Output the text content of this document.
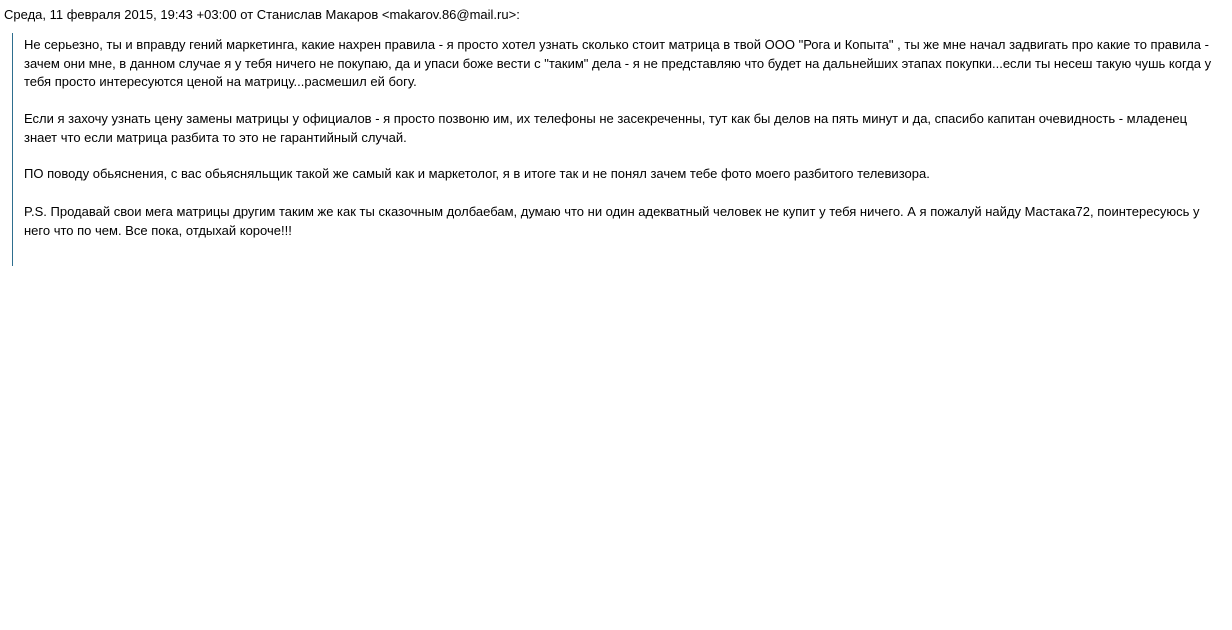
Среда, 11 февраля 2015, 19:43 +03:00 от Станислав Макаров <makarov.86@mail.ru>:

Не серьезно, ты и вправду гений маркетинга, какие нахрен правила - я просто хотел узнать сколько стоит матрица в твой ООО "Рога и Копыта" , ты же мне начал задвигать про какие то правила - зачем они мне, в данном случае я у тебя ничего не покупаю, да и упаси боже вести с "таким" дела - я не представляю что будет на дальнейших этапах покупки...если ты несеш такую чушь когда у тебя просто интересуются ценой на матрицу...расмешил ей богу.

Если я захочу узнать цену замены матрицы у официалов - я просто позвоню им, их телефоны не засекреченны, тут как бы делов на пять минут и да, спасибо капитан очевидность - младенец знает что если матрица разбита то это не гарантийный случай.

ПО поводу обьяснения, с вас обьясняльщик такой же самый как и маркетолог, я в итоге так и не понял зачем тебе фото моего разбитого телевизора.

P.S. Продавай свои мега матрицы другим таким же как ты сказочным долбаебам, думаю что ни один адекватный человек не купит у тебя ничего. А я пожалуй найду Мастака72, поинтересуюсь у него что по чем. Все пока, отдыхай короче!!!
